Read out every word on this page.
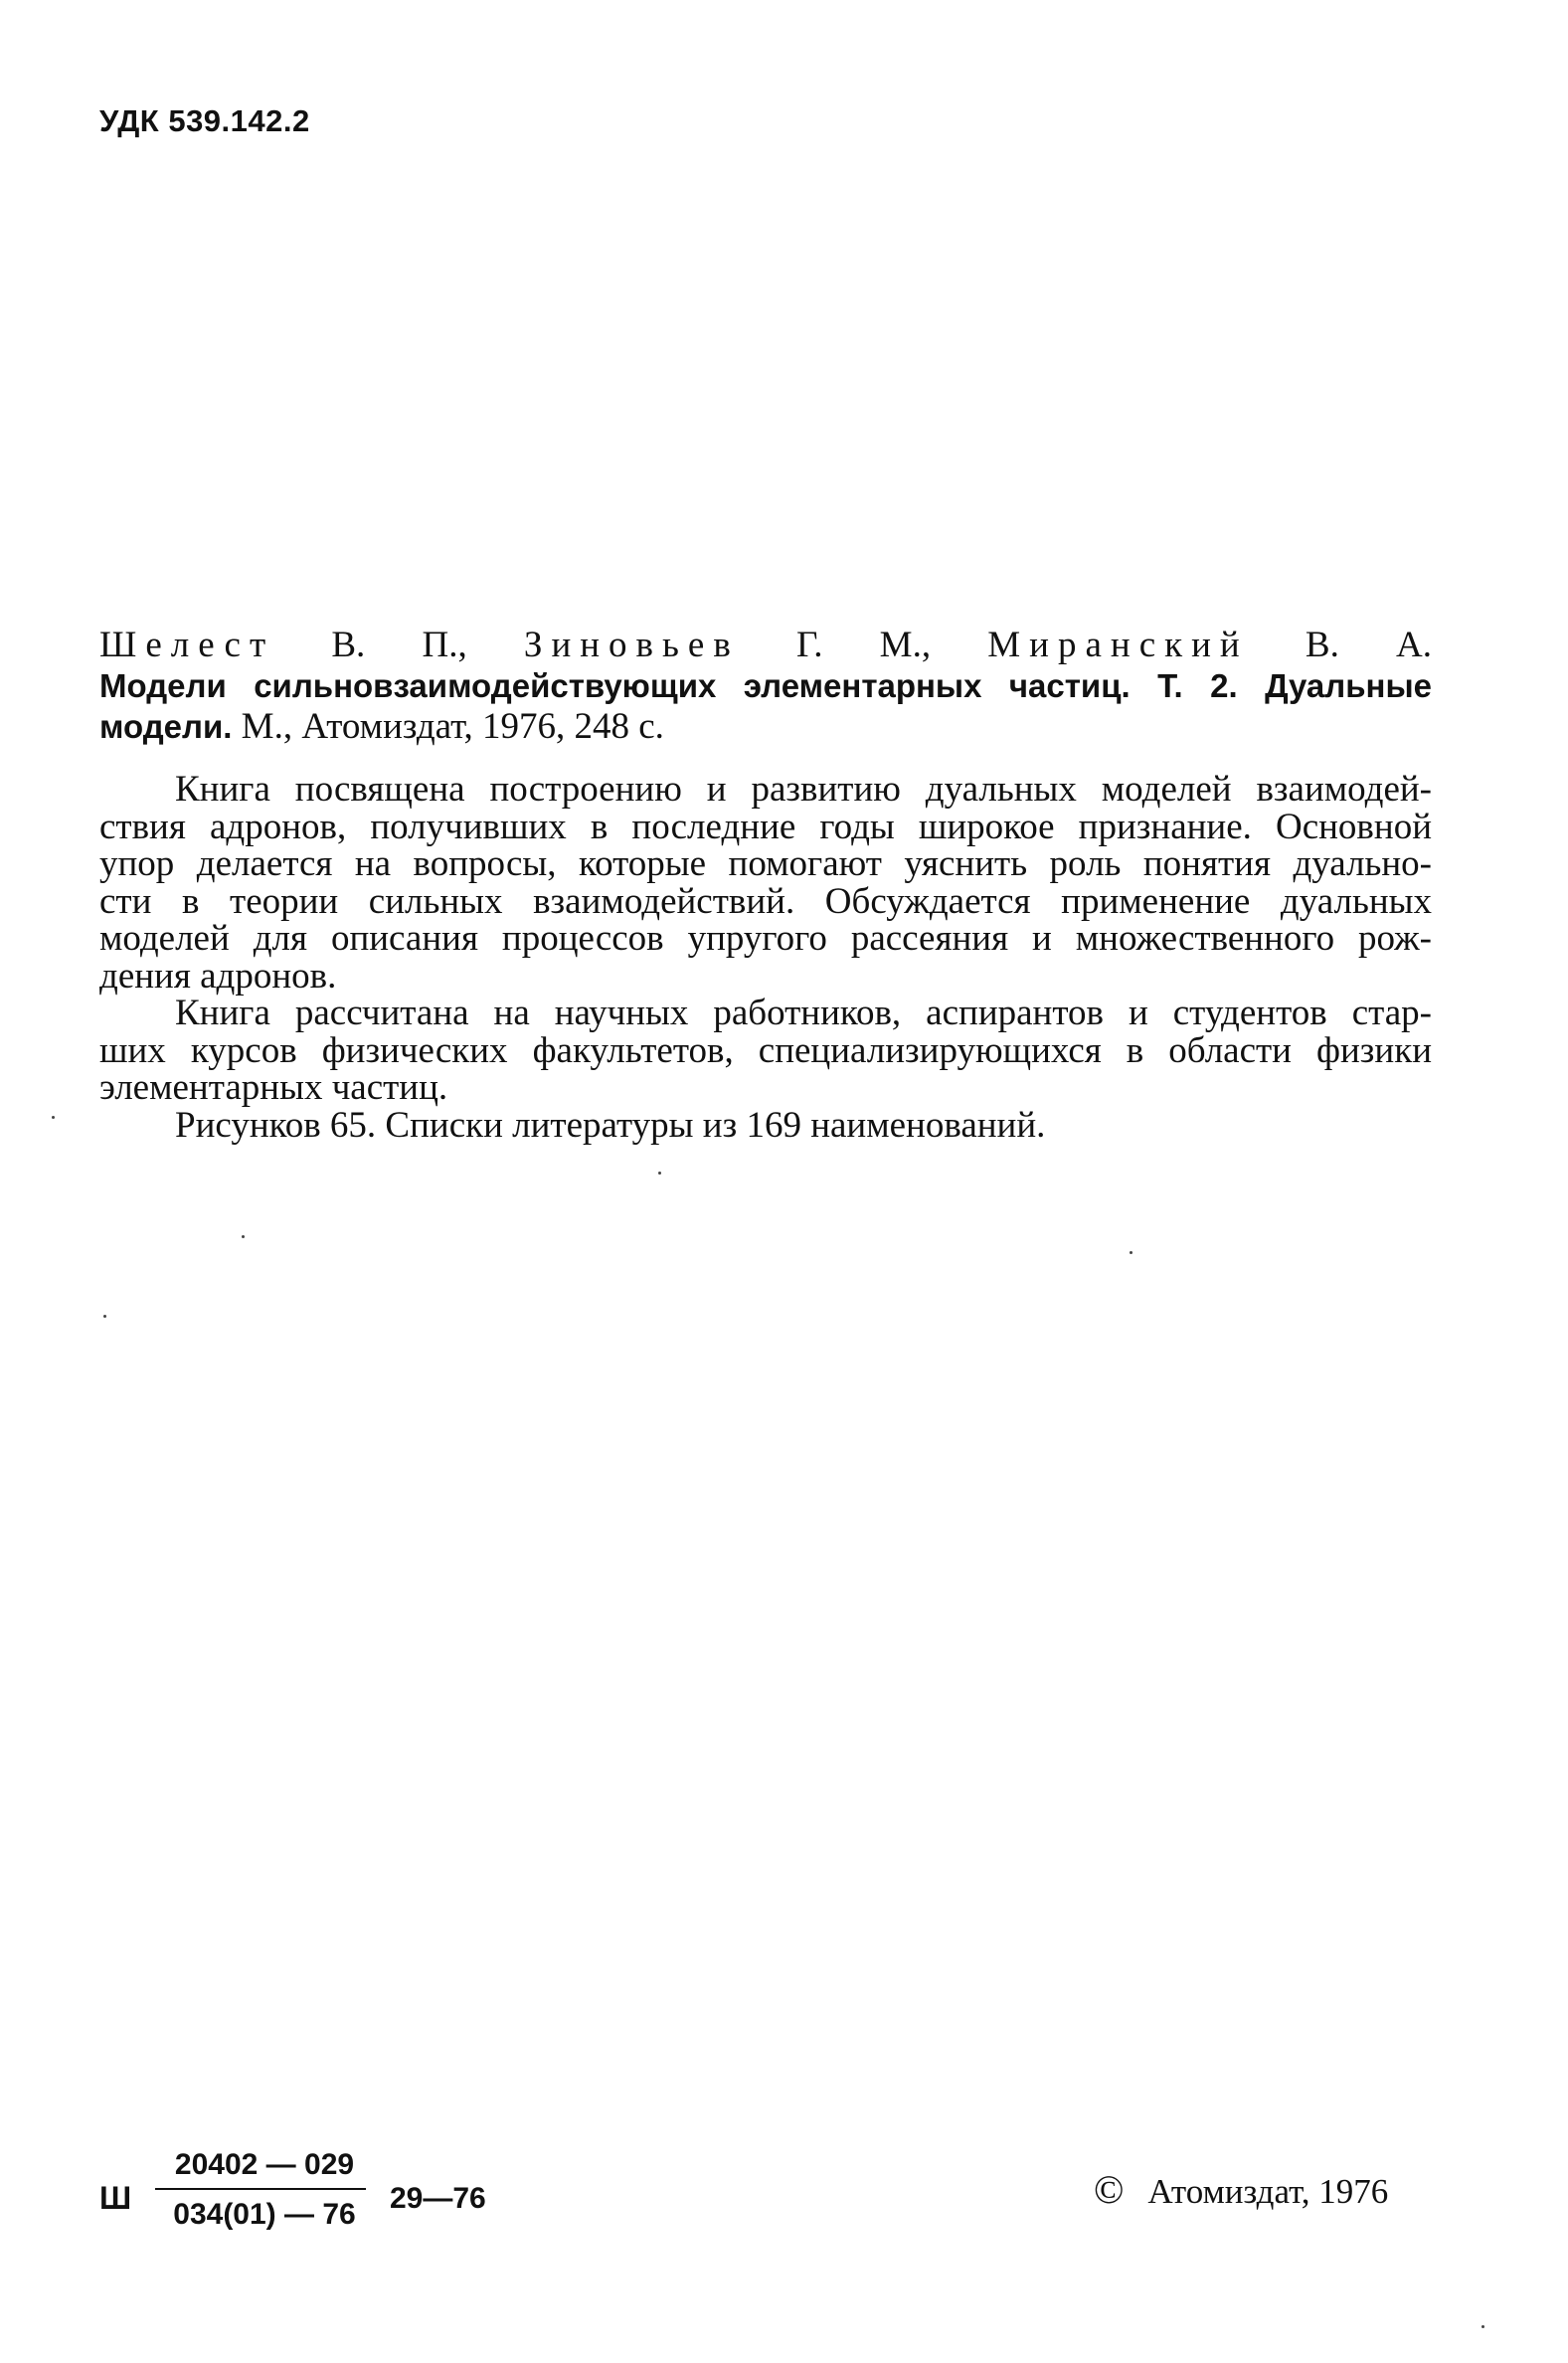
УДК 539.142.2
Шелест В. П., Зиновьев Г. М., Миранский В. А.
Модели сильновзаимодействующих элементарных частиц. Т. 2. Дуальные
модели. М., Атомиздат, 1976, 248 с.
Книга посвящена построению и развитию дуальных моделей взаимодей-
ствия адронов, получивших в последние годы широкое признание. Основной
упор делается на вопросы, которые помогают уяснить роль понятия дуально-
сти в теории сильных взаимодействий. Обсуждается применение дуальных
моделей для описания процессов упругого рассеяния и множественного рож-
дения адронов.
Книга рассчитана на научных работников, аспирантов и студентов стар-
ших курсов физических факультетов, специализирующихся в области физики
элементарных частиц.
Рисунков 65. Списки литературы из 169 наименований.
Ш
20402 — 029
034(01) — 76	29—76	© Атомиздат, 1976
